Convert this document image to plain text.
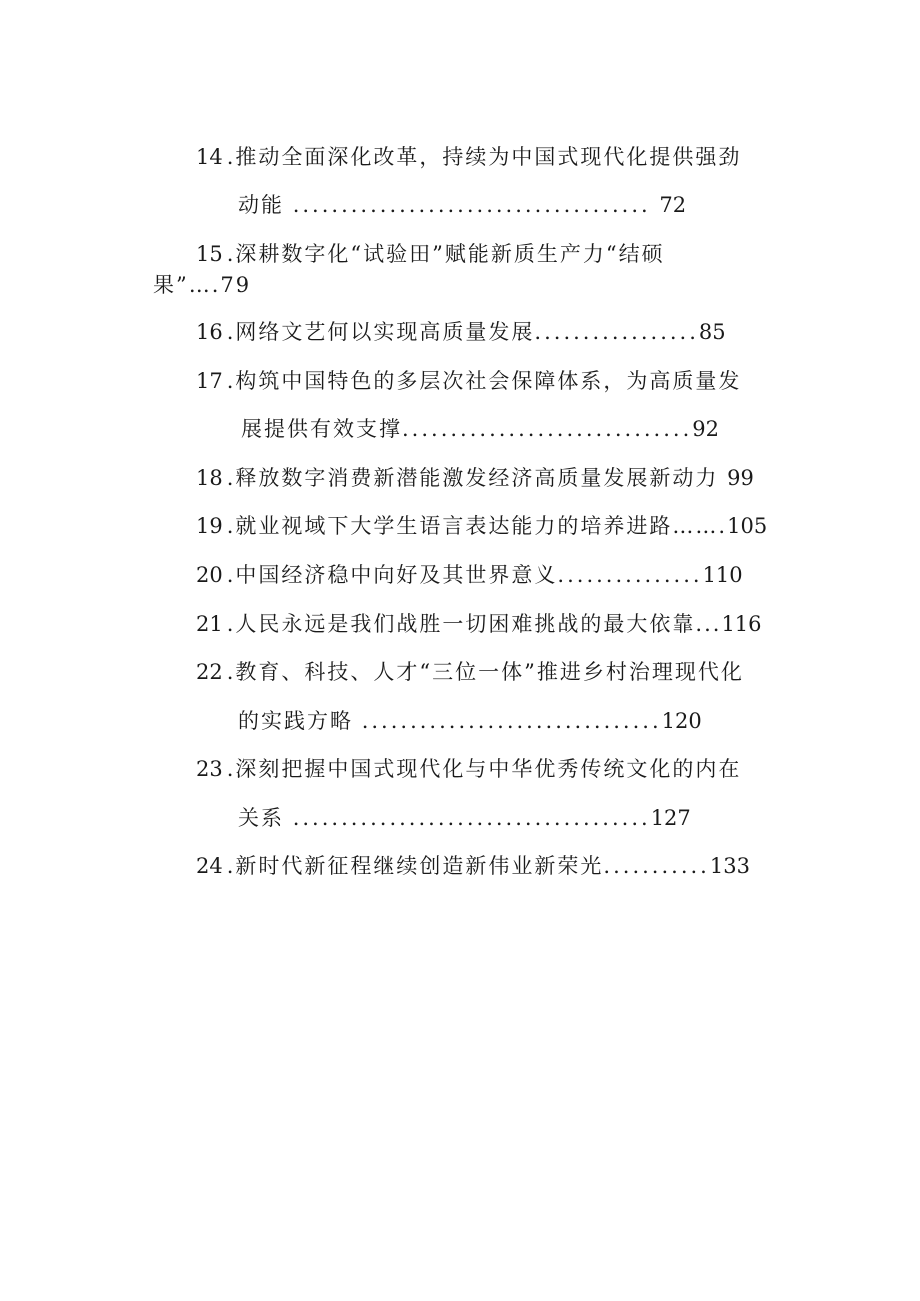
14 .推动全面深化改革，持续为中国式现代化提供强劲
动能 ..................................... 72
15 .深耕数字化“试验田”赋能新质生产力“结硕
果”….79
16 .网络文艺何以实现高质量发展.................85
17 .构筑中国特色的多层次社会保障体系，为高质量发
展提供有效支撑..............................92
18 .释放数字消费新潜能激发经济高质量发展新动力 99
19 .就业视域下大学生语言表达能力的培养进路…….105
20 .中国经济稳中向好及其世界意义...............110
21 .人民永远是我们战胜一切困难挑战的最大依靠...116
22 .教育、科技、人才“三位一体”推进乡村治理现代化
的实践方略 ...............................120
23 .深刻把握中国式现代化与中华优秀传统文化的内在
关系 .....................................127
24 .新时代新征程继续创造新伟业新荣光...........133
